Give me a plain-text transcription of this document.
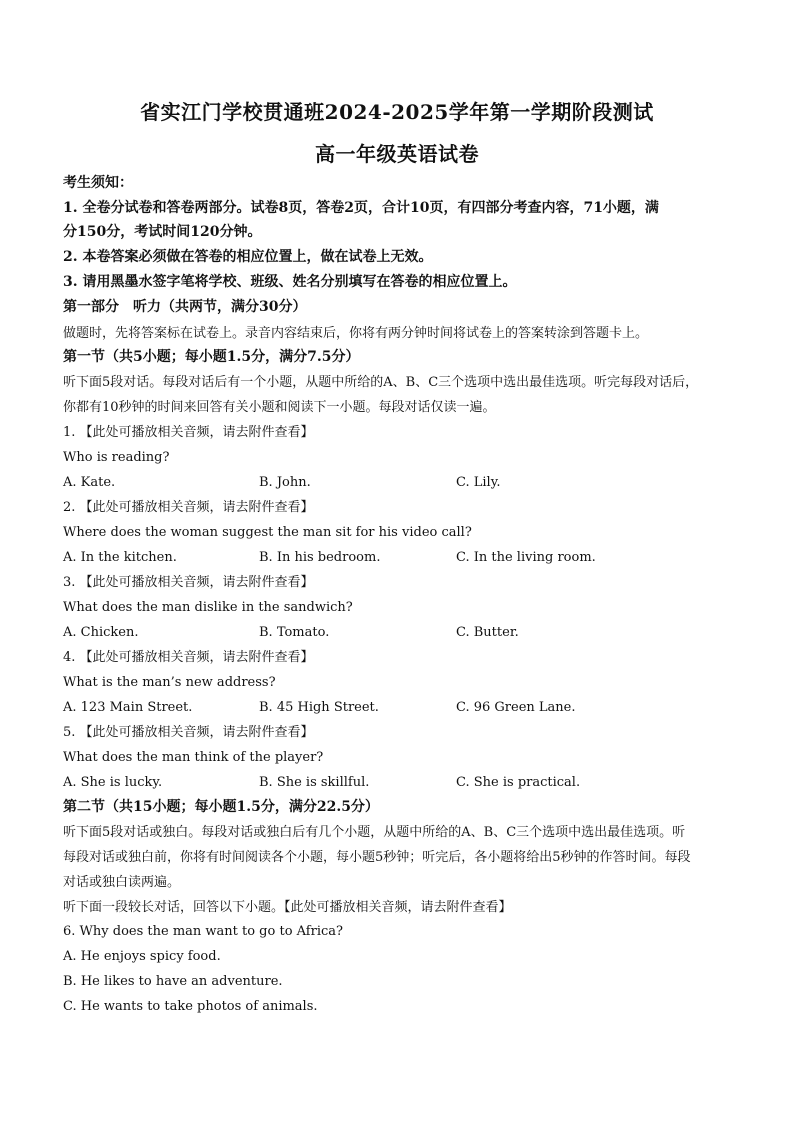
省实江门学校贯通班2024-2025学年第一学期阶段测试
高一年级英语试卷
考生须知：
1. 全卷分试卷和答卷两部分。试卷8页，答卷2页，合计10页，有四部分考查内容，71小题，满
分150分，考试时间120分钟。
2. 本卷答案必须做在答卷的相应位置上，做在试卷上无效。
3. 请用黑墨水签字笔将学校、班级、姓名分别填写在答卷的相应位置上。
第一部分　听力（共两节，满分30分）
做题时，先将答案标在试卷上。录音内容结束后，你将有两分钟时间将试卷上的答案转涂到答题卡上。
第一节（共5小题；每小题1.5分，满分7.5分）
听下面5段对话。每段对话后有一个小题，从题中所给的A、B、C三个选项中选出最佳选项。听完每段对话后，
你都有10秒钟的时间来回答有关小题和阅读下一小题。每段对话仅读一遍。
1. 【此处可播放相关音频，请去附件查看】
Who is reading?
A. Kate.	B. John.	C. Lily.
2. 【此处可播放相关音频，请去附件查看】
Where does the woman suggest the man sit for his video call?
A. In the kitchen.	B. In his bedroom.	C. In the living room.
3. 【此处可播放相关音频，请去附件查看】
What does the man dislike in the sandwich?
A. Chicken.	B. Tomato.	C. Butter.
4. 【此处可播放相关音频，请去附件查看】
What is the man’s new address?
A. 123 Main Street.	B. 45 High Street.	C. 96 Green Lane.
5. 【此处可播放相关音频，请去附件查看】
What does the man think of the player?
A. She is lucky.	B. She is skillful.	C. She is practical.
第二节（共15小题；每小题1.5分，满分22.5分）
听下面5段对话或独白。每段对话或独白后有几个小题，从题中所给的A、B、C三个选项中选出最佳选项。听
每段对话或独白前，你将有时间阅读各个小题，每小题5秒钟；听完后，各小题将给出5秒钟的作答时间。每段
对话或独白读两遍。
听下面一段较长对话，回答以下小题。【此处可播放相关音频，请去附件查看】
6. Why does the man want to go to Africa?
A. He enjoys spicy food.
B. He likes to have an adventure.
C. He wants to take photos of animals.
